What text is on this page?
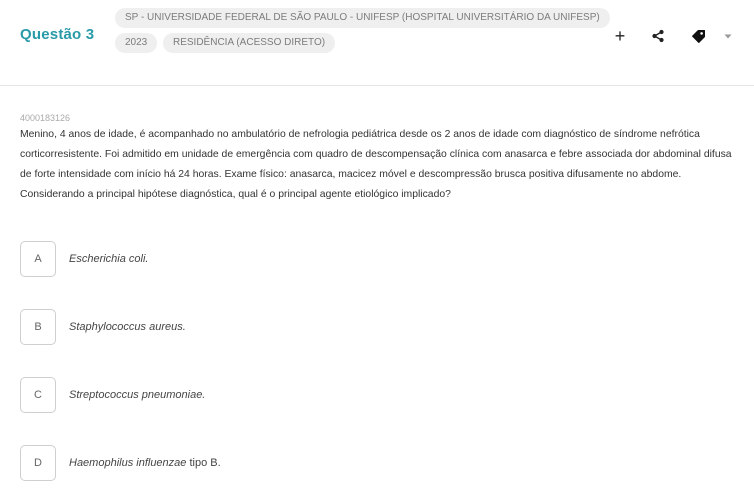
Questão 3
SP - UNIVERSIDADE FEDERAL DE SÃO PAULO - UNIFESP (HOSPITAL UNIVERSITÁRIO DA UNIFESP)
2023	RESIDÊNCIA (ACESSO DIRETO)	+
4000183126
Menino, 4 anos de idade, é acompanhado no ambulatório de nefrologia pediátrica desde os 2 anos de idade com diagnóstico de síndrome nefrótica corticorresistente. Foi admitido em unidade de emergência com quadro de descompensação clínica com anasarca e febre associada dor abdominal difusa de forte intensidade com início há 24 horas. Exame físico: anasarca, macicez móvel e descompressão brusca positiva difusamente no abdome. Considerando a principal hipótese diagnóstica, qual é o principal agente etiológico implicado?
A	Escherichia coli.
B	Staphylococcus aureus.
C	Streptococcus pneumoniae.
D	Haemophilus influenzae tipo B.
